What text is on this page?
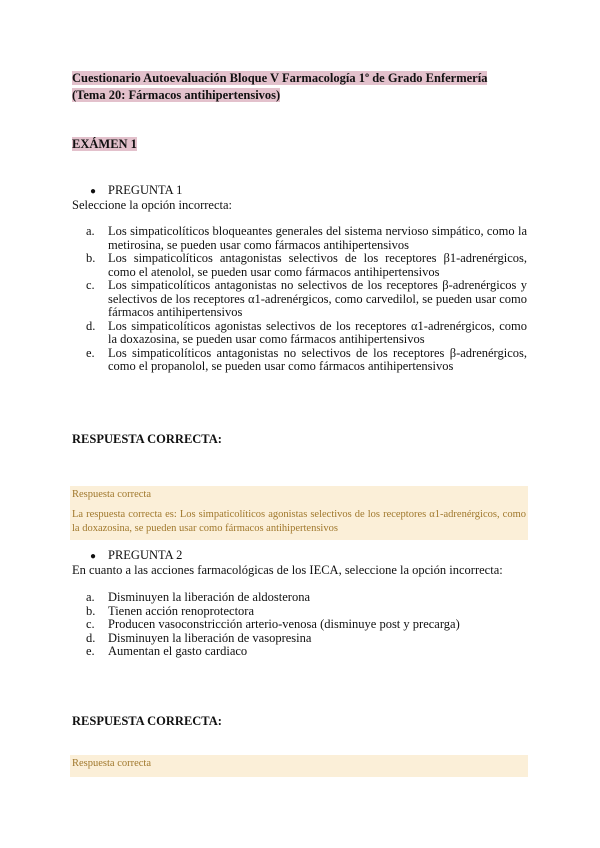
Cuestionario Autoevaluación Bloque V Farmacología 1º de Grado Enfermería (Tema 20: Fármacos antihipertensivos)
EXÁMEN 1
● PREGUNTA 1
Seleccione la opción incorrecta:
a.	Los simpaticolíticos bloqueantes generales del sistema nervioso simpático, como la metirosina, se pueden usar como fármacos antihipertensivos
b.	Los simpaticolíticos antagonistas selectivos de los receptores β1-adrenérgicos, como el atenolol, se pueden usar como fármacos antihipertensivos
c.	Los simpaticolíticos antagonistas no selectivos de los receptores β-adrenérgicos y selectivos de los receptores α1-adrenérgicos, como carvedilol, se pueden usar como fármacos antihipertensivos
d.	Los simpaticolíticos agonistas selectivos de los receptores α1-adrenérgicos, como la doxazosina, se pueden usar como fármacos antihipertensivos
e.	Los simpaticolíticos antagonistas no selectivos de los receptores β-adrenérgicos, como el propanolol, se pueden usar como fármacos antihipertensivos
RESPUESTA CORRECTA:
Respuesta correcta
La respuesta correcta es: Los simpaticolíticos agonistas selectivos de los receptores α1-adrenérgicos, como la doxazosina, se pueden usar como fármacos antihipertensivos
● PREGUNTA 2
En cuanto a las acciones farmacológicas de los IECA, seleccione la opción incorrecta:
a.	Disminuyen la liberación de aldosterona
b.	Tienen acción renoprotectora
c.	Producen vasoconstricción arterio-venosa (disminuye post y precarga)
d.	Disminuyen la liberación de vasopresina
e.	Aumentan el gasto cardiaco
RESPUESTA CORRECTA:
Respuesta correcta
